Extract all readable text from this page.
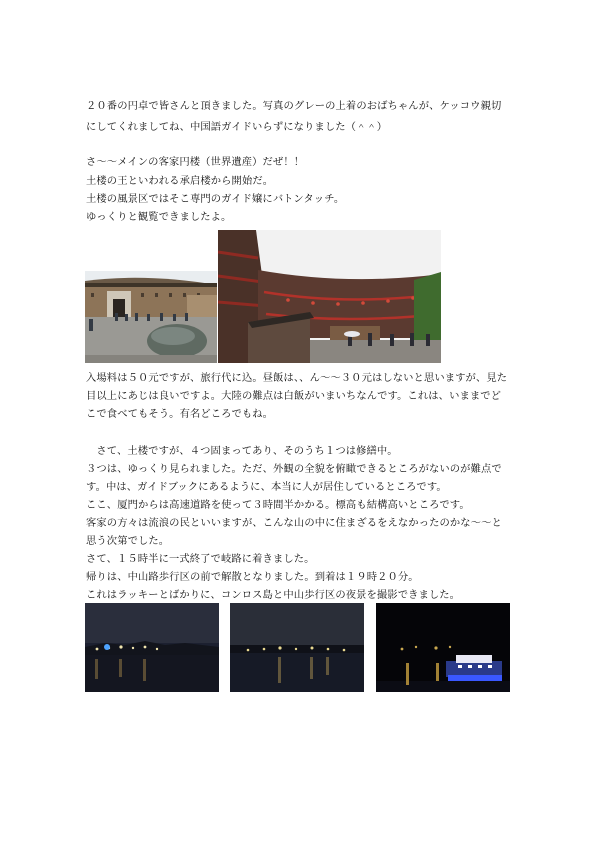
２０番の円卓で皆さんと頂きました。写真のグレーの上着のおばちゃんが、ケッコウ親切
にしてくれましてね、中国語ガイドいらずになりました（＾＾）
さ～～メインの客家円楼（世界遺産）だぜ！！
土楼の王といわれる承启楼から開始だ。
土楼の風景区ではそこ専門のガイド嬢にバトンタッチ。
ゆっくりと観覧できましたよ。
入場料は５０元ですが、旅行代に込。昼飯は、、ん～～３０元はしないと思いますが、見た
目以上にあじは良いですよ。大陸の難点は白飯がいまいちなんです。これは、いままでど
こで食べてもそう。有名どころでもね。
　さて、土楼ですが、４つ固まってあり、そのうち１つは修繕中。
３つは、ゆっくり見られました。ただ、外観の全貌を俯瞰できるところがないのが難点で
す。中は、ガイドブックにあるように、本当に人が居住しているところです。
ここ、厦門からは高速道路を使って３時間半かかる。標高も結構高いところです。
客家の方々は流浪の民といいますが、こんな山の中に住まざるをえなかったのかな～～と
思う次第でした。
さて、１５時半に一式終了で岐路に着きました。
帰りは、中山路歩行区の前で解散となりました。到着は１９時２０分。
これはラッキーとばかりに、コンロス島と中山歩行区の夜景を撮影できました。
